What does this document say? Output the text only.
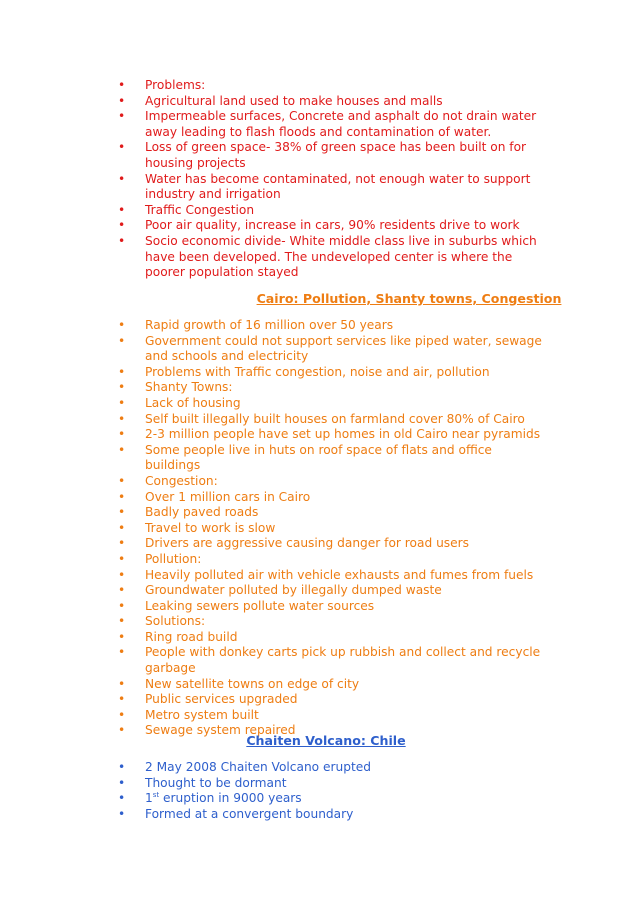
• Problems:
• Agricultural land used to make houses and malls
• Impermeable surfaces, Concrete and asphalt do not drain water away leading to flash floods and contamination of water.
• Loss of green space- 38% of green space has been built on for housing projects
• Water has become contaminated, not enough water to support industry and irrigation
• Traffic Congestion
• Poor air quality, increase in cars, 90% residents drive to work
• Socio economic divide- White middle class live in suburbs which have been developed. The undeveloped center is where the poorer population stayed
Cairo: Pollution, Shanty towns, Congestion
• Rapid growth of 16 million over 50 years
• Government could not support services like piped water, sewage and schools and electricity
• Problems with Traffic congestion, noise and air, pollution
• Shanty Towns:
• Lack of housing
• Self built illegally built houses on farmland cover 80% of Cairo
• 2-3 million people have set up homes in old Cairo near pyramids
• Some people live in huts on roof space of flats and office buildings
• Congestion:
• Over 1 million cars in Cairo
• Badly paved roads
• Travel to work is slow
• Drivers are aggressive causing danger for road users
• Pollution:
• Heavily polluted air with vehicle exhausts and fumes from fuels
• Groundwater polluted by illegally dumped waste
• Leaking sewers pollute water sources
• Solutions:
• Ring road build
• People with donkey carts pick up rubbish and collect and recycle garbage
• New satellite towns on edge of city
• Public services upgraded
• Metro system built
• Sewage system repaired
Chaiten Volcano: Chile
• 2 May 2008 Chaiten Volcano erupted
• Thought to be dormant
• 1st eruption in 9000 years
• Formed at a convergent boundary
